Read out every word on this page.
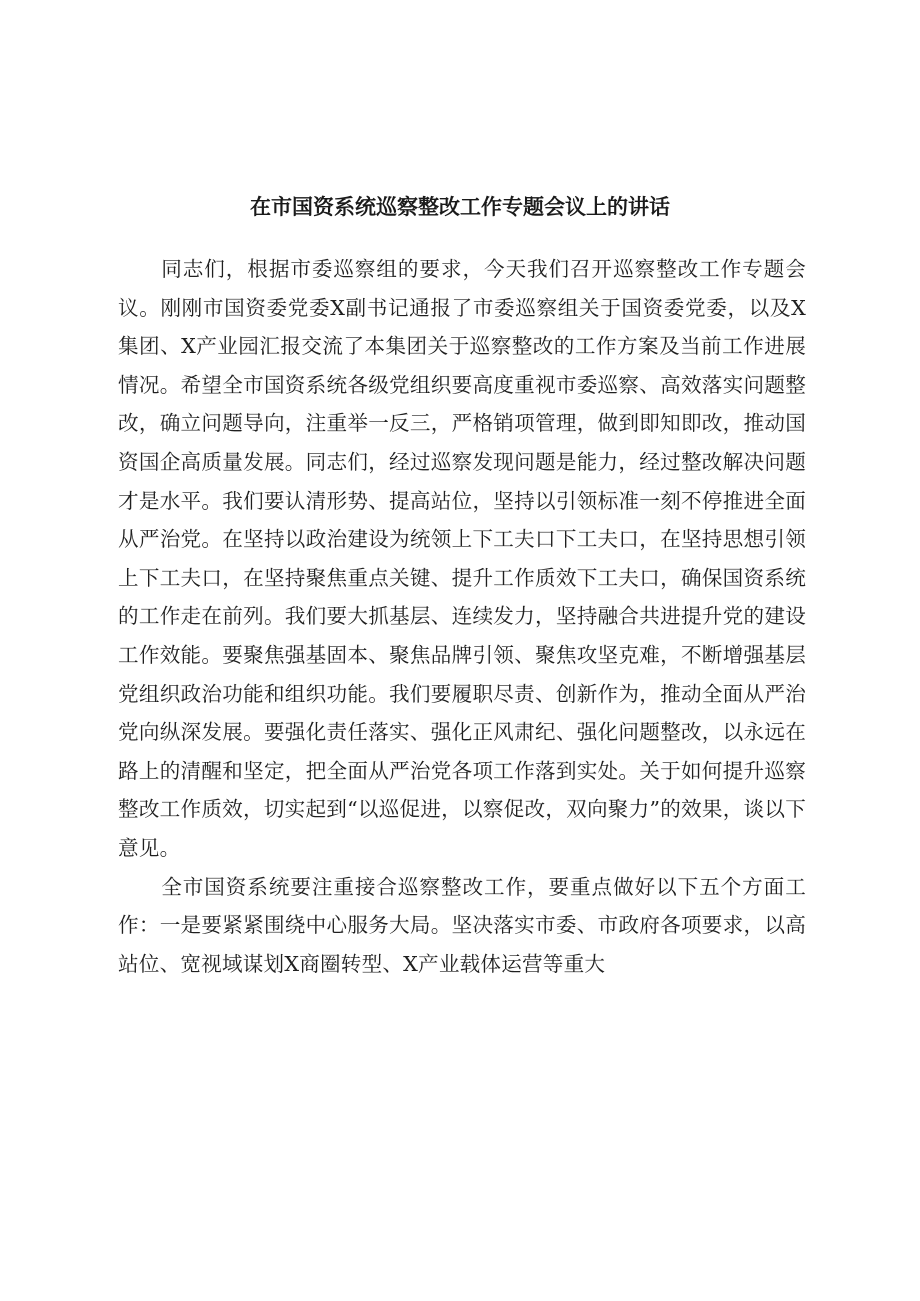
在市国资系统巡察整改工作专题会议上的讲话

同志们，根据市委巡察组的要求，今天我们召开巡察整改工作专题会议。刚刚市国资委党委X副书记通报了市委巡察组关于国资委党委，以及X集团、X产业园汇报交流了本集团关于巡察整改的工作方案及当前工作进展情况。希望全市国资系统各级党组织要高度重视市委巡察、高效落实问题整改，确立问题导向，注重举一反三，严格销项管理，做到即知即改，推动国资国企高质量发展。同志们，经过巡察发现问题是能力，经过整改解决问题才是水平。我们要认清形势、提高站位，坚持以引领标准一刻不停推进全面从严治党。在坚持以政治建设为统领上下工夫口下工夫口，在坚持思想引领上下工夫口，在坚持聚焦重点关键、提升工作质效下工夫口，确保国资系统的工作走在前列。我们要大抓基层、连续发力，坚持融合共进提升党的建设工作效能。要聚焦强基固本、聚焦品牌引领、聚焦攻坚克难，不断增强基层党组织政治功能和组织功能。我们要履职尽责、创新作为，推动全面从严治党向纵深发展。要强化责任落实、强化正风肃纪、强化问题整改，以永远在路上的清醒和坚定，把全面从严治党各项工作落到实处。关于如何提升巡察整改工作质效，切实起到“以巡促进，以察促改，双向聚力”的效果，谈以下意见。

全市国资系统要注重接合巡察整改工作，要重点做好以下五个方面工作：一是要紧紧围绕中心服务大局。坚决落实市委、市政府各项要求，以高站位、宽视域谋划X商圈转型、X产业载体运营等重大
